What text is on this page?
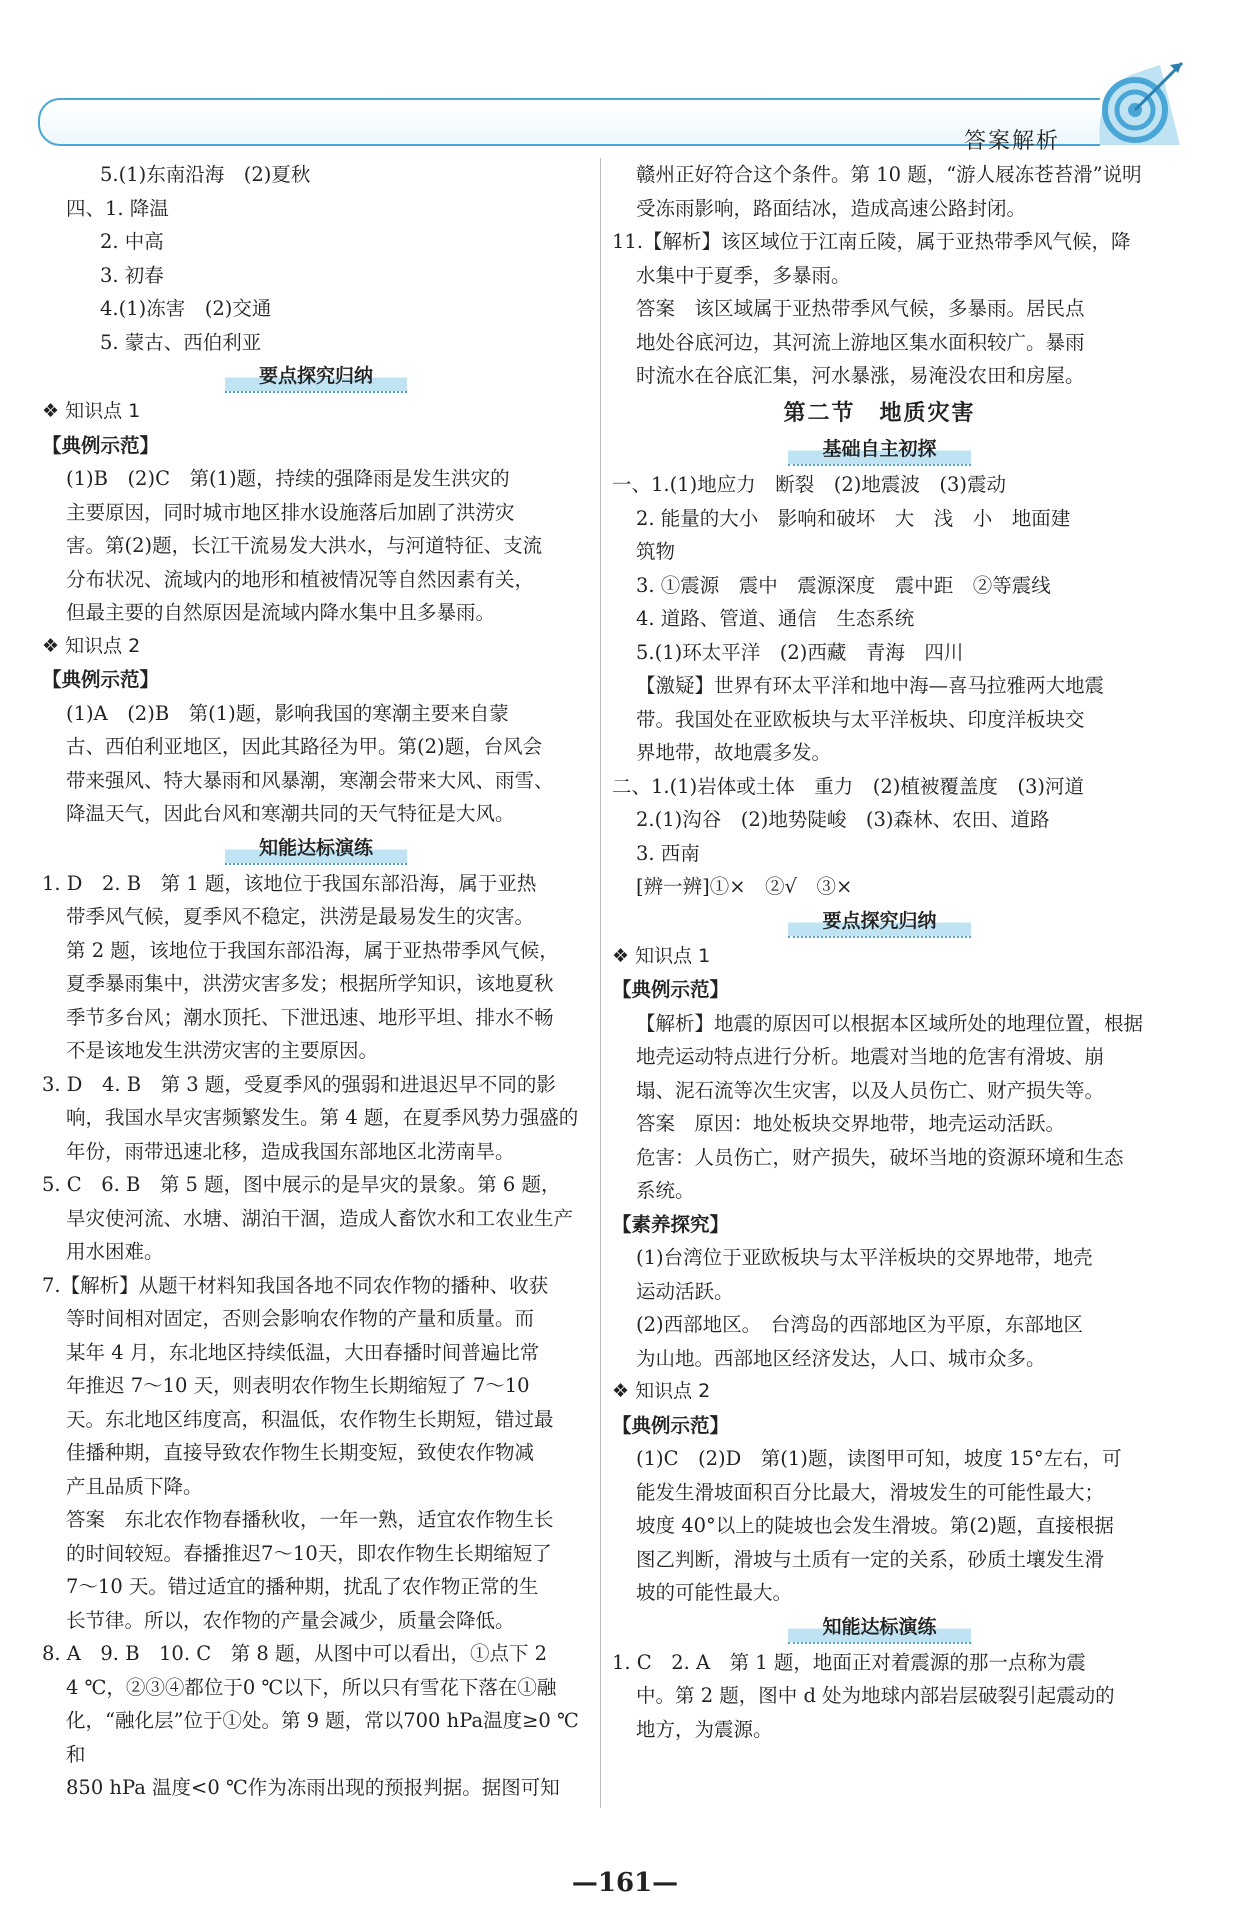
答案解析

5.(1)东南沿海　(2)夏秋

四、1. 降温

2. 中高

3. 初春

4.(1)冻害　(2)交通

5. 蒙古、西伯利亚

要点探究归纳

❖ 知识点 1

【典例示范】

(1)B　(2)C　第(1)题，持续的强降雨是发生洪灾的

主要原因，同时城市地区排水设施落后加剧了洪涝灾

害。第(2)题，长江干流易发大洪水，与河道特征、支流

分布状况、流域内的地形和植被情况等自然因素有关，

但最主要的自然原因是流域内降水集中且多暴雨。

❖ 知识点 2

【典例示范】

(1)A　(2)B　第(1)题，影响我国的寒潮主要来自蒙

古、西伯利亚地区，因此其路径为甲。第(2)题，台风会

带来强风、特大暴雨和风暴潮，寒潮会带来大风、雨雪、

降温天气，因此台风和寒潮共同的天气特征是大风。

知能达标演练

1. D　2. B　第 1 题，该地位于我国东部沿海，属于亚热

带季风气候，夏季风不稳定，洪涝是最易发生的灾害。

第 2 题，该地位于我国东部沿海，属于亚热带季风气候，

夏季暴雨集中，洪涝灾害多发；根据所学知识，该地夏秋

季节多台风；潮水顶托、下泄迅速、地形平坦、排水不畅

不是该地发生洪涝灾害的主要原因。

3. D　4. B　第 3 题，受夏季风的强弱和进退迟早不同的影

响，我国水旱灾害频繁发生。第 4 题，在夏季风势力强盛的

年份，雨带迅速北移，造成我国东部地区北涝南旱。

5. C　6. B　第 5 题，图中展示的是旱灾的景象。第 6 题，

旱灾使河流、水塘、湖泊干涸，造成人畜饮水和工农业生产

用水困难。

7.【解析】从题干材料知我国各地不同农作物的播种、收获

等时间相对固定，否则会影响农作物的产量和质量。而

某年 4 月，东北地区持续低温，大田春播时间普遍比常

年推迟 7～10 天，则表明农作物生长期缩短了 7～10

天。东北地区纬度高，积温低，农作物生长期短，错过最

佳播种期，直接导致农作物生长期变短，致使农作物减

产且品质下降。

答案　东北农作物春播秋收，一年一熟，适宜农作物生长

的时间较短。春播推迟7～10天，即农作物生长期缩短了

7～10 天。错过适宜的播种期，扰乱了农作物正常的生

长节律。所以，农作物的产量会减少，质量会降低。

8. A　9. B　10. C　第 8 题，从图中可以看出，①点下 2

4 ℃，②③④都位于0 ℃以下，所以只有雪花下落在①融

化，“融化层”位于①处。第 9 题，常以700 hPa温度≥0 ℃和

850 hPa 温度<0 ℃作为冻雨出现的预报判据。据图可知

赣州正好符合这个条件。第 10 题，“游人屐冻苍苔滑”说明

受冻雨影响，路面结冰，造成高速公路封闭。

11.【解析】该区域位于江南丘陵，属于亚热带季风气候，降

水集中于夏季，多暴雨。

答案　该区域属于亚热带季风气候，多暴雨。居民点

地处谷底河边，其河流上游地区集水面积较广。暴雨

时流水在谷底汇集，河水暴涨，易淹没农田和房屋。

第二节　地质灾害

基础自主初探

一、1.(1)地应力　断裂　(2)地震波　(3)震动

2. 能量的大小　影响和破坏　大　浅　小　地面建

筑物

3. ①震源　震中　震源深度　震中距　②等震线

4. 道路、管道、通信　生态系统

5.(1)环太平洋　(2)西藏　青海　四川

【激疑】世界有环太平洋和地中海—喜马拉雅两大地震

带。我国处在亚欧板块与太平洋板块、印度洋板块交

界地带，故地震多发。

二、1.(1)岩体或土体　重力　(2)植被覆盖度　(3)河道

2.(1)沟谷　(2)地势陡峻　(3)森林、农田、道路

3. 西南

[辨一辨]①×　②√　③×

要点探究归纳

❖ 知识点 1

【典例示范】

【解析】地震的原因可以根据本区域所处的地理位置，根据

地壳运动特点进行分析。地震对当地的危害有滑坡、崩

塌、泥石流等次生灾害，以及人员伤亡、财产损失等。

答案　原因：地处板块交界地带，地壳运动活跃。

危害：人员伤亡，财产损失，破坏当地的资源环境和生态

系统。

【素养探究】

(1)台湾位于亚欧板块与太平洋板块的交界地带，地壳

运动活跃。

(2)西部地区。　台湾岛的西部地区为平原，东部地区

为山地。西部地区经济发达，人口、城市众多。

❖ 知识点 2

【典例示范】

(1)C　(2)D　第(1)题，读图甲可知，坡度 15°左右，可

能发生滑坡面积百分比最大，滑坡发生的可能性最大；

坡度 40°以上的陡坡也会发生滑坡。第(2)题，直接根据

图乙判断，滑坡与土质有一定的关系，砂质土壤发生滑

坡的可能性最大。

知能达标演练

1. C　2. A　第 1 题，地面正对着震源的那一点称为震

中。第 2 题，图中 d 处为地球内部岩层破裂引起震动的

地方，为震源。

—161—
